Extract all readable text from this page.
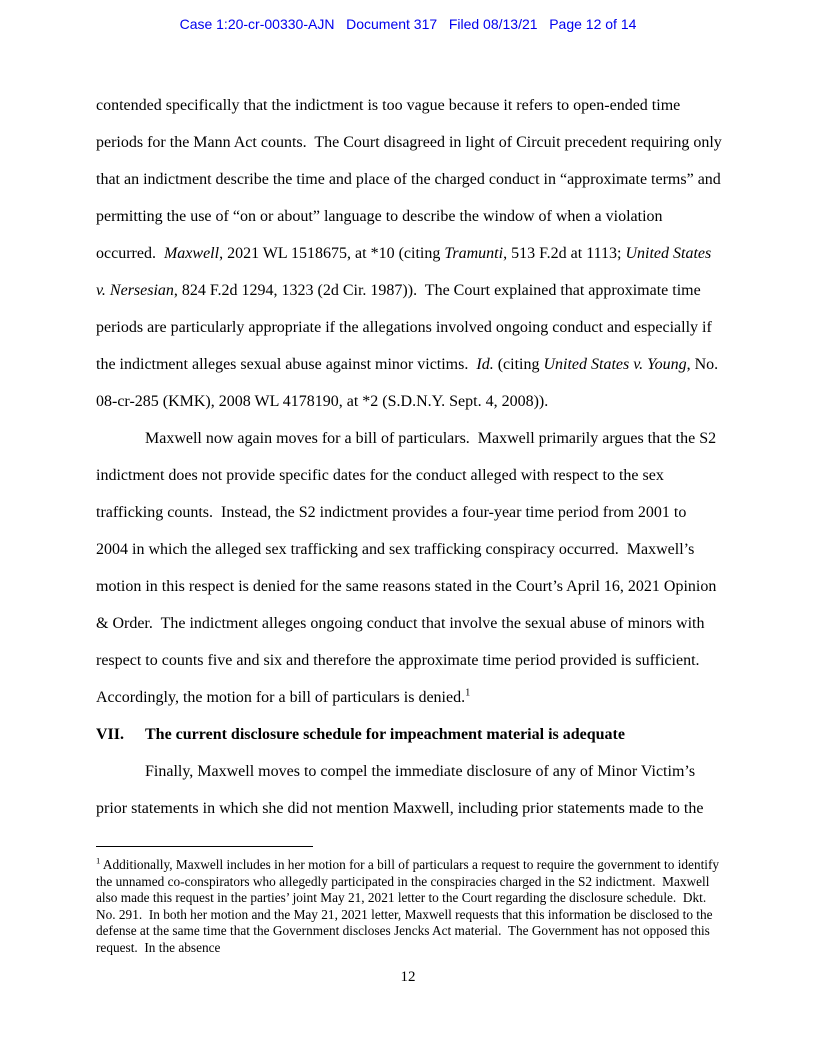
Case 1:20-cr-00330-AJN   Document 317   Filed 08/13/21   Page 12 of 14

contended specifically that the indictment is too vague because it refers to open-ended time periods for the Mann Act counts.  The Court disagreed in light of Circuit precedent requiring only that an indictment describe the time and place of the charged conduct in “approximate terms” and permitting the use of “on or about” language to describe the window of when a violation occurred.  Maxwell, 2021 WL 1518675, at *10 (citing Tramunti, 513 F.2d at 1113; United States v. Nersesian, 824 F.2d 1294, 1323 (2d Cir. 1987)).  The Court explained that approximate time periods are particularly appropriate if the allegations involved ongoing conduct and especially if the indictment alleges sexual abuse against minor victims.  Id. (citing United States v. Young, No. 08-cr-285 (KMK), 2008 WL 4178190, at *2 (S.D.N.Y. Sept. 4, 2008)).

Maxwell now again moves for a bill of particulars.  Maxwell primarily argues that the S2 indictment does not provide specific dates for the conduct alleged with respect to the sex trafficking counts.  Instead, the S2 indictment provides a four-year time period from 2001 to 2004 in which the alleged sex trafficking and sex trafficking conspiracy occurred.  Maxwell’s motion in this respect is denied for the same reasons stated in the Court’s April 16, 2021 Opinion & Order.  The indictment alleges ongoing conduct that involve the sexual abuse of minors with respect to counts five and six and therefore the approximate time period provided is sufficient.  Accordingly, the motion for a bill of particulars is denied.$^1$

VII. The current disclosure schedule for impeachment material is adequate

Finally, Maxwell moves to compel the immediate disclosure of any of Minor Victim’s prior statements in which she did not mention Maxwell, including prior statements made to the

$^1$ Additionally, Maxwell includes in her motion for a bill of particulars a request to require the government to identify the unnamed co-conspirators who allegedly participated in the conspiracies charged in the S2 indictment.  Maxwell also made this request in the parties’ joint May 21, 2021 letter to the Court regarding the disclosure schedule.  Dkt. No. 291.  In both her motion and the May 21, 2021 letter, Maxwell requests that this information be disclosed to the defense at the same time that the Government discloses Jencks Act material.  The Government has not opposed this request.  In the absence

12
